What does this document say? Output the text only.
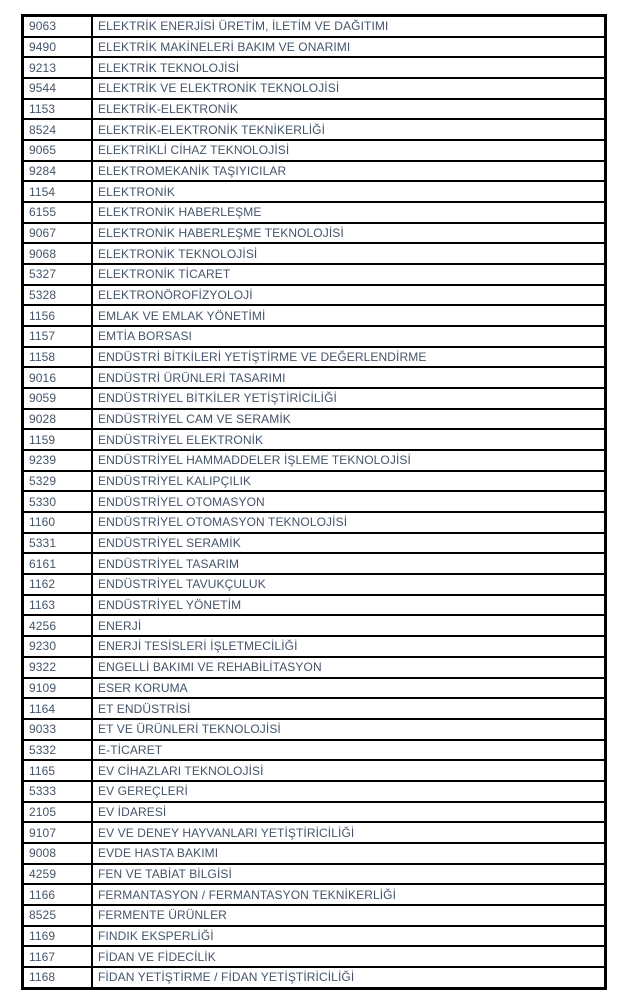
9063	ELEKTRİK ENERJİSİ ÜRETİM, İLETİM VE DAĞITIMI
9490	ELEKTRİK MAKİNELERİ BAKIM VE ONARIMI
9213	ELEKTRİK TEKNOLOJİSİ
9544	ELEKTRİK VE ELEKTRONİK TEKNOLOJİSİ
1153	ELEKTRİK-ELEKTRONİK
8524	ELEKTRİK-ELEKTRONİK TEKNİKERLİĞİ
9065	ELEKTRİKLİ CİHAZ TEKNOLOJİSİ
9284	ELEKTROMEKANİK TAŞIYICILAR
1154	ELEKTRONİK
6155	ELEKTRONİK HABERLEŞME
9067	ELEKTRONİK HABERLEŞME TEKNOLOJİSİ
9068	ELEKTRONİK TEKNOLOJİSİ
5327	ELEKTRONİK TİCARET
5328	ELEKTRONÖROFİZYOLOJİ
1156	EMLAK VE EMLAK YÖNETİMİ
1157	EMTİA BORSASI
1158	ENDÜSTRİ BİTKİLERİ YETİŞTİRME VE DEĞERLENDİRME
9016	ENDÜSTRİ ÜRÜNLERİ TASARIMI
9059	ENDÜSTRİYEL BİTKİLER YETİŞTİRİCİLİĞİ
9028	ENDÜSTRİYEL CAM VE SERAMİK
1159	ENDÜSTRİYEL ELEKTRONİK
9239	ENDÜSTRİYEL HAMMADDELER İŞLEME TEKNOLOJİSİ
5329	ENDÜSTRİYEL KALIPÇILIK
5330	ENDÜSTRİYEL OTOMASYON
1160	ENDÜSTRİYEL OTOMASYON TEKNOLOJİSİ
5331	ENDÜSTRİYEL SERAMİK
6161	ENDÜSTRİYEL TASARIM
1162	ENDÜSTRİYEL TAVUKÇULUK
1163	ENDÜSTRİYEL YÖNETİM
4256	ENERJİ
9230	ENERJİ TESİSLERİ İŞLETMECİLİĞİ
9322	ENGELLİ BAKIMI VE REHABİLİTASYON
9109	ESER KORUMA
1164	ET ENDÜSTRİSİ
9033	ET VE ÜRÜNLERİ TEKNOLOJİSİ
5332	E-TİCARET
1165	EV CİHAZLARI TEKNOLOJİSİ
5333	EV GEREÇLERİ
2105	EV İDARESİ
9107	EV VE DENEY HAYVANLARI YETİŞTİRİCİLİĞİ
9008	EVDE HASTA BAKIMI
4259	FEN VE TABİAT BİLGİSİ
1166	FERMANTASYON / FERMANTASYON TEKNİKERLİĞİ
8525	FERMENTE ÜRÜNLER
1169	FINDIK EKSPERLİĞİ
1167	FİDAN VE FİDECİLİK
1168	FİDAN YETİŞTİRME / FİDAN YETİŞTİRİCİLİĞİ
